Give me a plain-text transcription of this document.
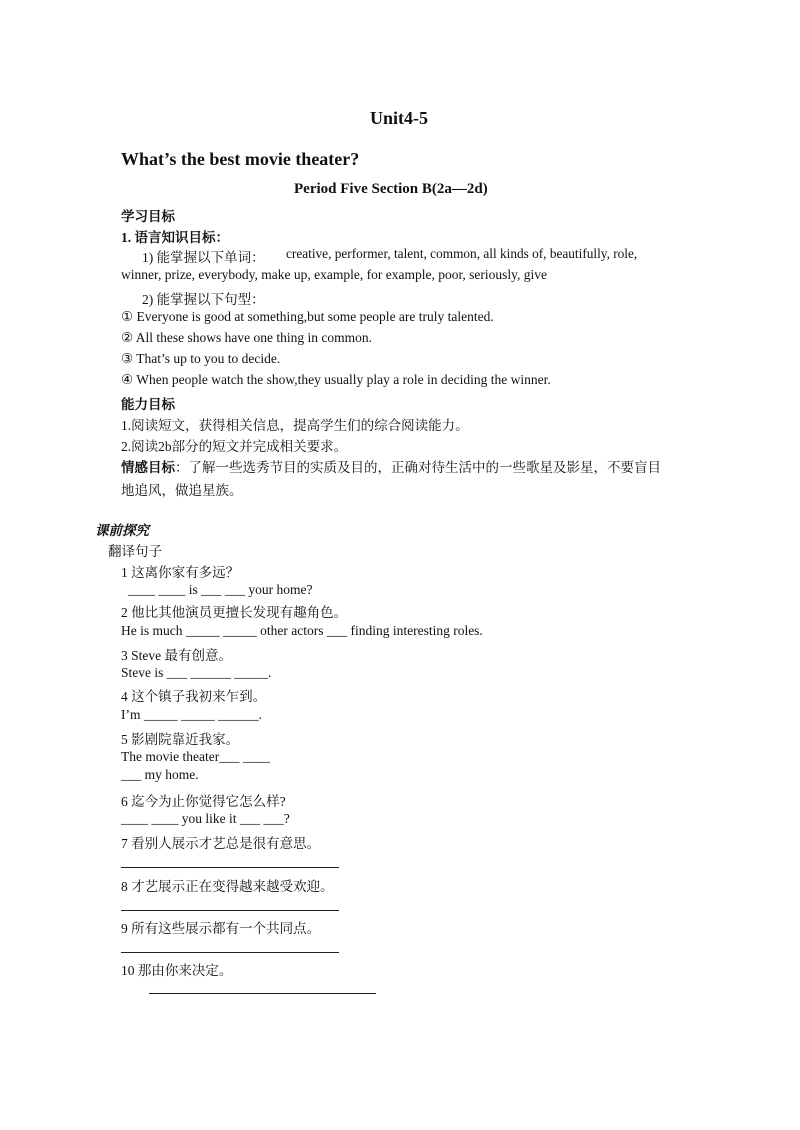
Unit4-5
What’s the best movie theater?
Period Five Section B(2a—2d)
学习目标
1. 语言知识目标：
1) 能掌握以下单词： creative, performer, talent, common, all kinds of, beautifully, role,
winner, prize, everybody, make up, example, for example, poor, seriously, give
2) 能掌握以下句型：
① Everyone is good at something,but some people are truly talented.
② All these shows have one thing in common.
③ That’s up to you to decide.
④ When people watch the show,they usually play a role in deciding the winner.
能力目标
1.阅读短文，获得相关信息，提高学生们的综合阅读能力。
2.阅读2b部分的短文并完成相关要求。
情感目标：了解一些选秀节目的实质及目的，正确对待生活中的一些歌星及影星，不要盲目
地追风，做追星族。
课前探究
翻译句子
1 这离你家有多远？
____ ____ is ___ ___ your home?
2 他比其他演员更擅长发现有趣角色。
He is much _____ _____ other actors ___ finding interesting roles.
3 Steve 最有创意。
Steve is ___ ______ _____.
4 这个镇子我初来乍到。
I’m _____ _____ ______.
5 影剧院靠近我家。
The movie theater___ ____
___ my home.
6 迄今为止你觉得它怎么样?
____ ____ you like it ___ ___?
7 看别人展示才艺总是很有意思。
8 才艺展示正在变得越来越受欢迎。
9 所有这些展示都有一个共同点。
10 那由你来决定。
